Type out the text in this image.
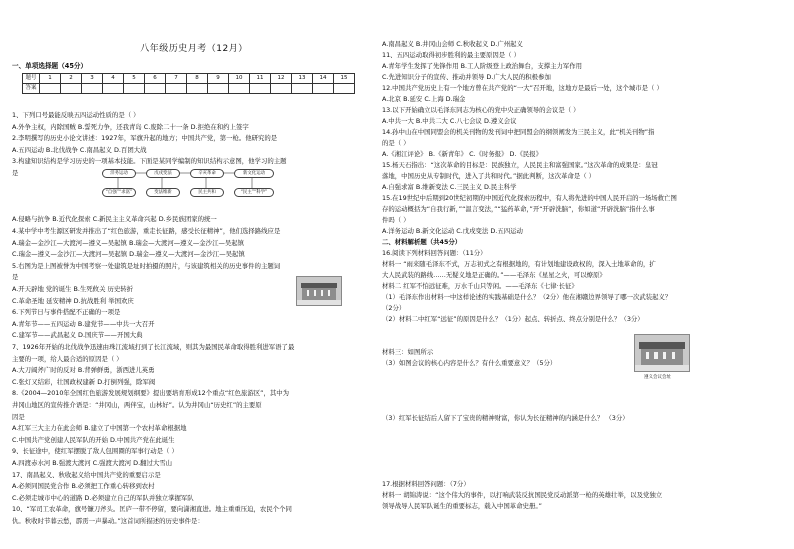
八年级历史月考（12月）
一、单项选择题（45分）
题号	1	2	3	4	5	6	7	8	9	10	11	12	13	14	15
答案															
1、下列口号最能反映五四运动性质的是（ ）
A.外争主权，内除国贼 B.誓死力争，还我青岛 C.废除二十一条 D.拒绝在和约上签字
2.李明撰写的历史小论文讲述：1927年，军旗升起的地方；中国共产党，第一枪。他研究的是
A.五四运动 B.北伐战争 C.南昌起义 D.百团大战
3.构建知识结构是学习历史的一项基本技能。下面是某同学编制的知识结构示意图，他学习的主题
是
A.侵略与抗争 B.近代化探索 C.新民主主义革命兴起 D.乡民族团家的统一
4.某中学中考生源区研发并推出了“红色旅游，重走长征路，感受长征精神”，他们选择路线应是
A.瑞金—金沙江—大渡河—遵义—吴起镇 B.瑞金—大渡河—遵义—金沙江—吴起镇
C.瑞金—遵义—金沙江—大渡河—吴起镇 D.瑞金—遵义—大渡河—金沙江—吴起镇
5.右图为是上图被誉为中国考察一处建筑是址时拍摄的照片，与该建筑相关的历史事件的主题词
是
A.开天辟地 党的诞生 B.生死攸关 历史转折
C.革命圣地 延安精神 D.抗战胜利 举国欢庆
6.下列节日与事件搭配不正确的一项是
A.青年节——五四运动 B.建党节——中共一大召开
C.建军节——武昌起义 D.国庆节——开国大典
7、1926年开始的北伐战争迅速由珠江流域打到了长江流域，则其为最国民革命取得胜利进军语了最
主要的一项，给人最合适的原因是（ ）
A.大刀阔斧广时的反对 B.背弹鲜勇，浙西进儿英勇
C.张灯又结彩，壮国政权建新 D.打倒列强，除军阀
8.《2004—2010年全国红色旅游发展规划纲要》提出要培育形成12个重点“红色旅游区”，其中为
井冈山地区的宣传推介语是：“井冈山，两伴宝，山林好”。认为井冈山“历史红”的主要原
因是
A.红军三大主力在此会师 B.建立了中国第一个农村革命根据地
C.中国共产党创建人民军队的开始 D.中国共产党在此诞生
9、长征途中，使红军摆脱了敌人包围圈的军事行动是（ ）
A.四渡赤水河 B.强渡大渡河 C.强渡大渡河 D.翻过大雪山
17、南昌起义、秋收起义给中国共产党的重要启示是
A.必须同国民党合作 B.必须把工作重心转移到农村
C.必须走城市中心的道路 D.必须建立自己的军队并独立掌握军队
10、“军司工农革命，旗号镰刀斧头。匡庐一带不停留，要向潇湘直进。地主重重压迫，农民个个同
仇。秋收时节暮云愁，霹雳一声暴动。”这首词所描述的历史事件是：
洋务运动	戊戌变法	辛亥革命	新文化运动
“自强”“求富”	变法维新	民主共和	“民主”“科学”
A.南昌起义 B.井冈山会师 C.秋收起义 D.广州起义
11、五四运动取得初步胜利的最主要原因是（ ）
A.青年学生发挥了先锋作用 B.工人阶级登上政治舞台，支撑主力军作用
C.先进知识分子的宣传、推动并领导 D.广大人民的积极参加
12.中国共产党历史上有一个地方曾在共产党的“一大”召开地，这地方是最后一处，这个城市是（ ）
A.北京 B.延安 C.上海 D.瑞金
13.以下开始确立以毛泽东同志为核心的党中央正确领导的会议是（ ）
A.中共一大 B.中共二大 C.八七会议 D.遵义会议
14.孙中山在中国同盟会的机关刊物的发刊词中把同盟会的纲领阐发为三民主义，此“机关刊物”指
的是（ ）
A.《湘江评论》 B.《新青年》 C.《时务报》 D.《民报》
15.杨天石指出：“这次革命的目标是：民族独立，人民民主和富强国家。”这次革命的成果是：皇冠
落地，中国历史从专制时代，进入了共和时代。”据此判断，这次革命是（ ）
A.自强求富 B.维新变法 C.三民主义 D.民主科学
15.在19世纪中后期到20世纪初期的中国近代化探索历程中，有人将先进的中国人民开启的一场场救亡图
存的运动概括为“自我行新，”“温言变法，”“猛药革命，”开“开辟洗脑”，你如道“开辟洗脑”指什么事
件吗（ ）
A.洋务运动 B.新文化运动 C.戊戌变法 D.五四运动
二、材料解析题（共45分）
16.阅读下列材料回答问题：（11分）
材料一 “雨来随毛泽东不式，万志初式之有根据地的，有计划地建设政权的，深入土地革命的，扩
大人民武装的路线……无疑义地是正确的。”——毛泽东《星星之火，可以燎原》
材料二 红军不怕远征难，万水千山只等闲。——毛泽东《七律·长征》
（1）毛泽东作出材料一中这样论述的实践基础是什么？（2分）他在湘赣边界领导了哪一次武装起义？
（2分）
（2）材料二中红军“远征”的原因是什么？（1分）起点、转折点、终点分别是什么？（3分）
材料三：如图所示
（3）如图会议的核心内容是什么？有什么重要意义？（5分）
（3）红军长征结后人留下了宝贵的精神财富，你认为长征精神的内涵是什么？ （3分）
17.根据材料回答问题：（7分）
材料一 胡锦涛说：“这个伟大的事件，以打响武装反抗国民党反动派第一枪的英雄壮举，以及党独立
领导战导人民军队诞生的重要标志，载入中国革命史册。”
遵义会议会址
